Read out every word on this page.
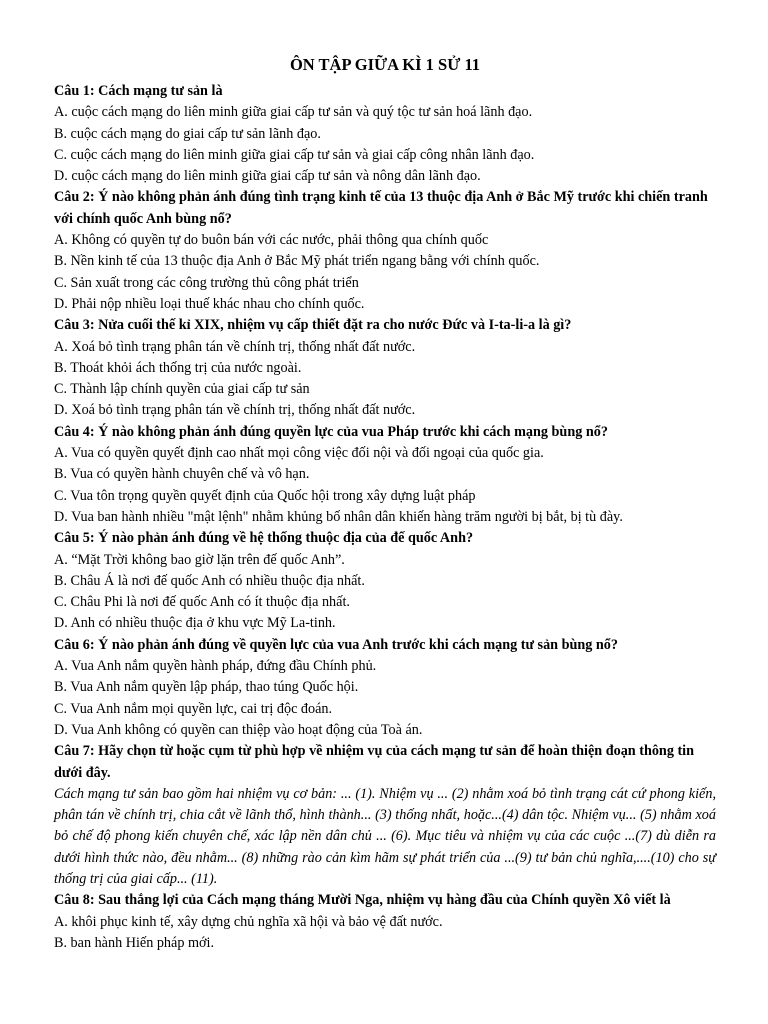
ÔN TẬP GIỮA KÌ 1 SỬ 11

Câu 1: Cách mạng tư sản là

A. cuộc cách mạng do liên minh giữa giai cấp tư sản và quý tộc tư sản hoá lãnh đạo.

B. cuộc cách mạng do giai cấp tư sản lãnh đạo.

C. cuộc cách mạng do liên minh giữa giai cấp tư sản và giai cấp công nhân lãnh đạo.

D. cuộc cách mạng do liên minh giữa giai cấp tư sản và nông dân lãnh đạo.

Câu 2: Ý nào không phản ánh đúng tình trạng kinh tế của 13 thuộc địa Anh ở Bắc Mỹ trước khi chiến tranh với chính quốc Anh bùng nổ?

A. Không có quyền tự do buôn bán với các nước, phải thông qua chính quốc

B. Nền kinh tế của 13 thuộc địa Anh ở Bắc Mỹ phát triển ngang bằng với chính quốc.

C. Sản xuất trong các công trường thủ công phát triển

D. Phải nộp nhiều loại thuế khác nhau cho chính quốc.

Câu 3: Nửa cuối thế kỉ XIX, nhiệm vụ cấp thiết đặt ra cho nước Đức và I-ta-li-a là gì?

A. Xoá bỏ tình trạng phân tán về chính trị, thống nhất đất nước.

B. Thoát khỏi ách thống trị của nước ngoài.

C. Thành lập chính quyền của giai cấp tư sản

D. Xoá bỏ tình trạng phân tán về chính trị, thống nhất đất nước.

Câu 4: Ý nào không phản ánh đúng quyền lực của vua Pháp trước khi cách mạng bùng nổ?

A. Vua có quyền quyết định cao nhất mọi công việc đối nội và đối ngoại của quốc gia.

B. Vua có quyền hành chuyên chế và vô hạn.

C. Vua tôn trọng quyền quyết định của Quốc hội trong xây dựng luật pháp

D. Vua ban hành nhiều "mật lệnh" nhằm khủng bố nhân dân khiến hàng trăm người bị bắt, bị tù đày.

Câu 5: Ý nào phản ánh đúng về hệ thống thuộc địa của đế quốc Anh?

A. “Mặt Trời không bao giờ lặn trên đế quốc Anh”.

B. Châu Á là nơi đế quốc Anh có nhiều thuộc địa nhất.

C. Châu Phi là nơi đế quốc Anh có ít thuộc địa nhất.

D. Anh có nhiều thuộc địa ở khu vực Mỹ La-tinh.

Câu 6: Ý nào phản ánh đúng về quyền lực của vua Anh trước khi cách mạng tư sản bùng nổ?

A. Vua Anh nắm quyền hành pháp, đứng đầu Chính phủ.

B. Vua Anh nắm quyền lập pháp, thao túng Quốc hội.

C. Vua Anh nắm mọi quyền lực, cai trị độc đoán.

D. Vua Anh không có quyền can thiệp vào hoạt động của Toà án.

Câu 7: Hãy chọn từ hoặc cụm từ phù hợp về nhiệm vụ của cách mạng tư sản để hoàn thiện đoạn thông tin dưới đây.

Cách mạng tư sản bao gồm hai nhiệm vụ cơ bản: ... (1). Nhiệm vụ ... (2) nhằm xoá bỏ tình trạng cát cứ phong kiến, phân tán về chính trị, chia cắt về lãnh thổ, hình thành... (3) thống nhất, hoặc...(4) dân tộc. Nhiệm vụ... (5) nhằm xoá bỏ chế độ phong kiến chuyên chế, xác lập nền dân chủ ... (6). Mục tiêu và nhiệm vụ của các cuộc ...(7) dù diễn ra dưới hình thức nào, đều nhằm... (8) những rào cản kìm hãm sự phát triển của ...(9) tư bản chủ nghĩa,....(10) cho sự thống trị của giai cấp... (11).

Câu 8: Sau thắng lợi của Cách mạng tháng Mười Nga, nhiệm vụ hàng đầu của Chính quyền Xô viết là

A. khôi phục kinh tế, xây dựng chủ nghĩa xã hội và bảo vệ đất nước.

B. ban hành Hiến pháp mới.
